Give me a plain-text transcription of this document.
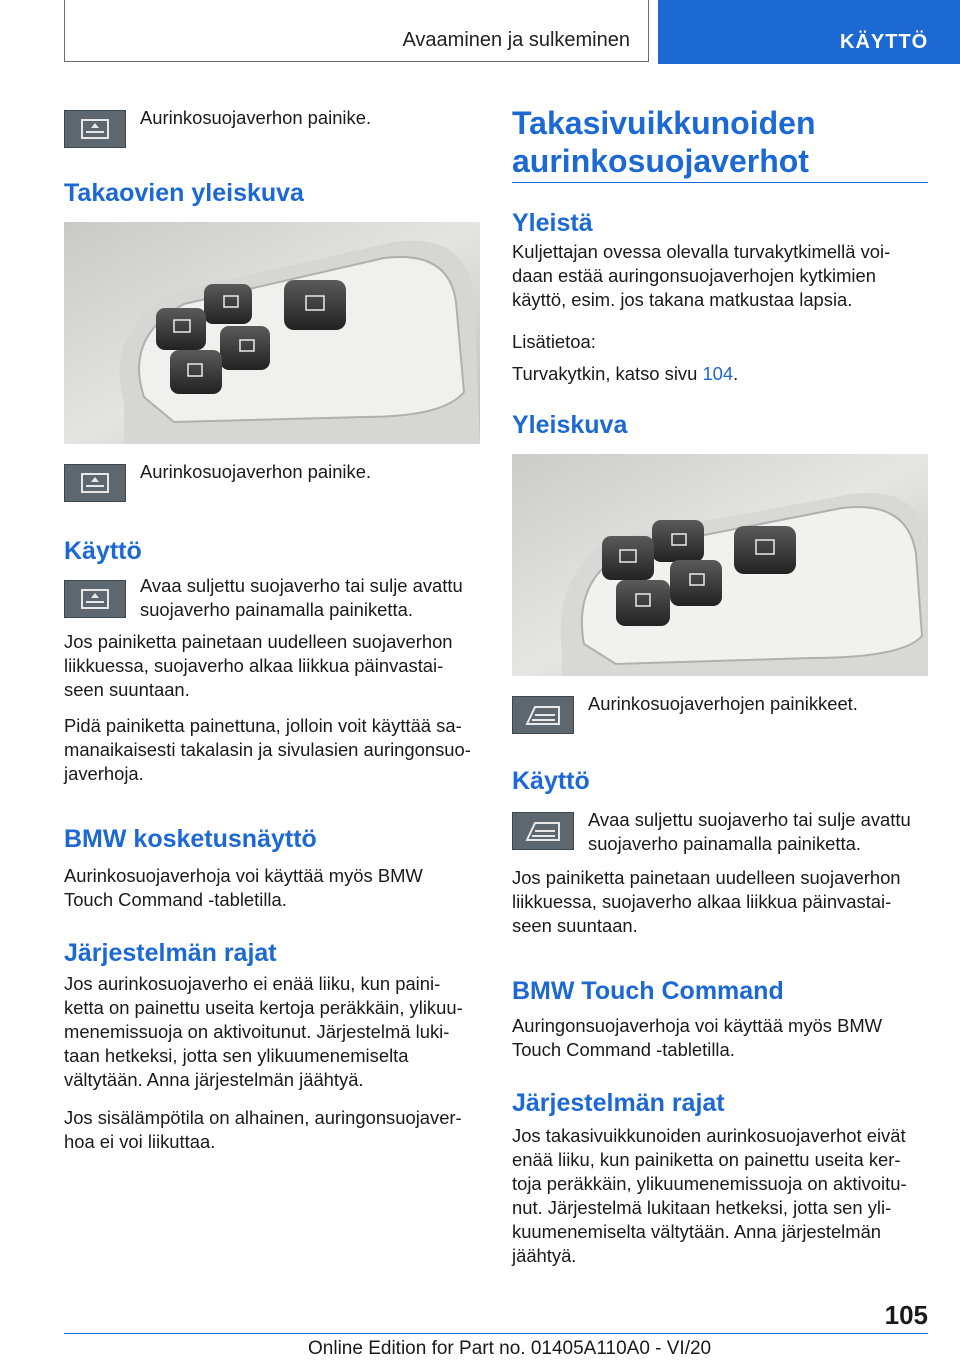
Avaaminen ja sulkeminen	KÄYTTÖ
Aurinkosuojaverhon painike.
Takaovien yleiskuva
Aurinkosuojaverhon painike.
Käyttö
Avaa suljettu suojaverho tai sulje avattu
suojaverho painamalla painiketta.
Jos painiketta painetaan uudelleen suojaverhon
liikkuessa, suojaverho alkaa liikkua päinvastai-
seen suuntaan.
Pidä painiketta painettuna, jolloin voit käyttää sa-
manaikaisesti takalasin ja sivulasien auringonsuo-
javerhoja.
BMW kosketusnäyttö
Aurinkosuojaverhoja voi käyttää myös BMW
Touch Command -tabletilla.
Järjestelmän rajat
Jos aurinkosuojaverho ei enää liiku, kun paini-
ketta on painettu useita kertoja peräkkäin, ylikuu-
menemissuoja on aktivoitunut. Järjestelmä luki-
taan hetkeksi, jotta sen ylikuumenemiselta
vältytään. Anna järjestelmän jäähtyä.
Jos sisälämpötila on alhainen, auringonsuojaver-
hoa ei voi liikuttaa.
Takasivuikkunoiden
aurinkosuojaverhot
Yleistä
Kuljettajan ovessa olevalla turvakytkimellä voi-
daan estää auringonsuojaverhojen kytkimien
käyttö, esim. jos takana matkustaa lapsia.
Lisätietoa:
Turvakytkin, katso sivu 104.
Yleiskuva
Aurinkosuojaverhojen painikkeet.
Käyttö
Avaa suljettu suojaverho tai sulje avattu
suojaverho painamalla painiketta.
Jos painiketta painetaan uudelleen suojaverhon
liikkuessa, suojaverho alkaa liikkua päinvastai-
seen suuntaan.
BMW Touch Command
Auringonsuojaverhoja voi käyttää myös BMW
Touch Command -tabletilla.
Järjestelmän rajat
Jos takasivuikkunoiden aurinkosuojaverhot eivät
enää liiku, kun painiketta on painettu useita ker-
toja peräkkäin, ylikuumenemissuoja on aktivoitu-
nut. Järjestelmä lukitaan hetkeksi, jotta sen yli-
kuumenemiselta vältytään. Anna järjestelmän
jäähtyä.
105
Online Edition for Part no. 01405A110A0 - VI/20
